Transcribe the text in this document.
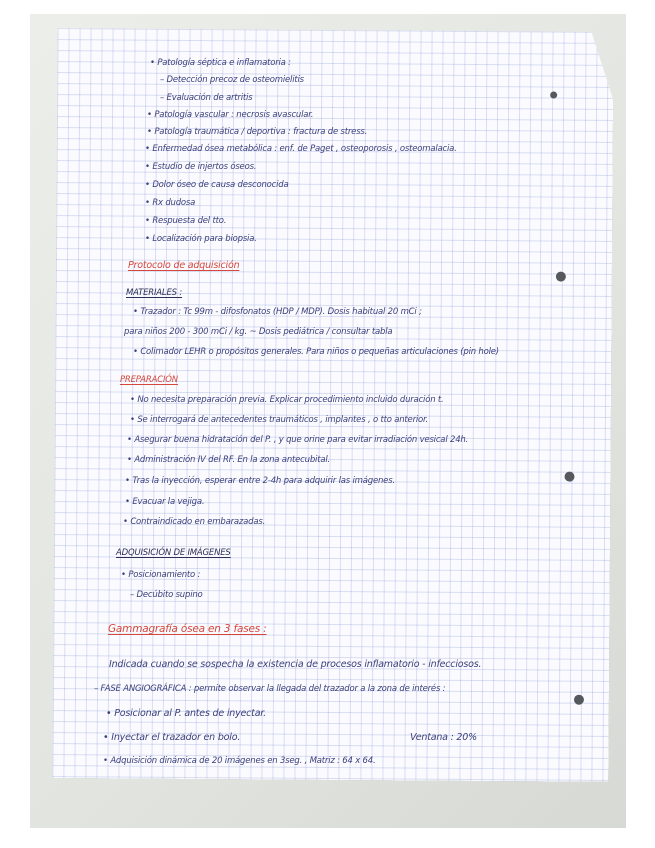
• Patología séptica e inflamatoria :
– Detección precoz de osteomielitis
– Evaluación de artritis
• Patología vascular : necrosis avascular.
• Patología traumática / deportiva : fractura de stress.
• Enfermedad ósea metabólica : enf. de Paget , osteoporosis , osteomalacia.
• Estudio de injertos óseos.
• Dolor óseo de causa desconocida
• Rx dudosa
• Respuesta del tto.
• Localización para biopsia.
Protocolo de adquisición
MATERIALES :
• Trazador : Tc 99m - difosfonatos (HDP / MDP). Dosis habitual 20 mCi ;
para niños 200 - 300 mCi / kg. ~ Dosis pediátrica / consultar tabla
• Colimador LEHR o propósitos generales. Para niños o pequeñas articulaciones (pin hole)
PREPARACIÓN
• No necesita preparación previa. Explicar procedimiento incluido duración t.
• Se interrogará de antecedentes traumáticos , implantes , o tto anterior.
• Asegurar buena hidratación del P. , y que orine para evitar irradiación vesical 24h.
• Administración IV del RF. En la zona antecubital.
• Tras la inyección, esperar entre 2-4h para adquirir las imágenes.
• Evacuar la vejiga.
• Contraindicado en embarazadas.
ADQUISICIÓN DE IMÁGENES
• Posicionamiento :
– Decúbito supino
Gammagrafía ósea en 3 fases :
Indicada cuando se sospecha la existencia de procesos inflamatorio - infecciosos.
– FASE ANGIOGRÁFICA : permite observar la llegada del trazador a la zona de interés :
• Posicionar al P. antes de inyectar.
• Inyectar el trazador en bolo.	Ventana : 20%
• Adquisición dinámica de 20 imágenes en 3seg. , Matriz : 64 x 64.
